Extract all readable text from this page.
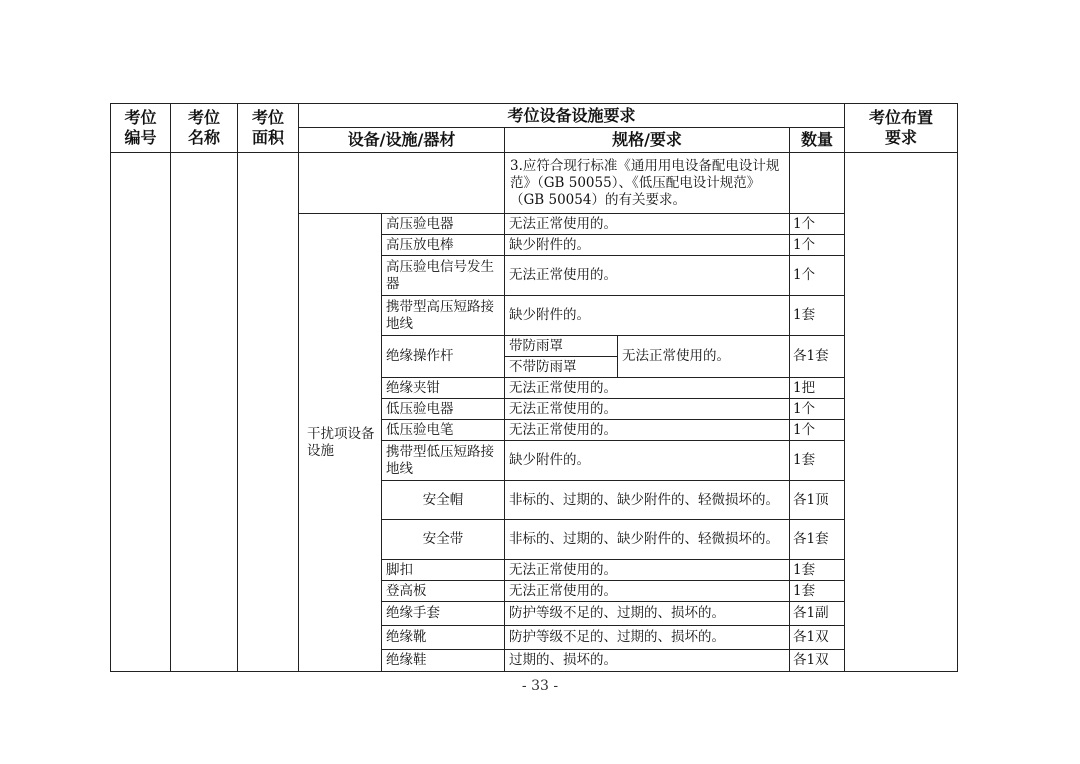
考位
编号	考位
名称	考位
面积	考位设备设施要求					考位布置
要求
			设备/设施/器材		规格/要求		数量	
					3.应符合现行标准《通用用电设备配电设计规范》（GB 50055）、《低压配电设计规范》（GB 50054）的有关要求。			
			干扰项设备设施	高压验电器	无法正常使用的。		1个	
				高压放电棒	缺少附件的。		1个	
				高压验电信号发生器	无法正常使用的。		1个	
				携带型高压短路接地线	缺少附件的。		1套	
				绝缘操作杆	带防雨罩	无法正常使用的。	各1套	
					不带防雨罩			
				绝缘夹钳	无法正常使用的。		1把	
				低压验电器	无法正常使用的。		1个	
				低压验电笔	无法正常使用的。		1个	
				携带型低压短路接地线	缺少附件的。		1套	
				安全帽	非标的、过期的、缺少附件的、轻微损坏的。		各1顶	
				安全带	非标的、过期的、缺少附件的、轻微损坏的。		各1套	
				脚扣	无法正常使用的。		1套	
				登高板	无法正常使用的。		1套	
				绝缘手套	防护等级不足的、过期的、损坏的。		各1副	
				绝缘靴	防护等级不足的、过期的、损坏的。		各1双	
				绝缘鞋	过期的、损坏的。		各1双	
- 33 -
